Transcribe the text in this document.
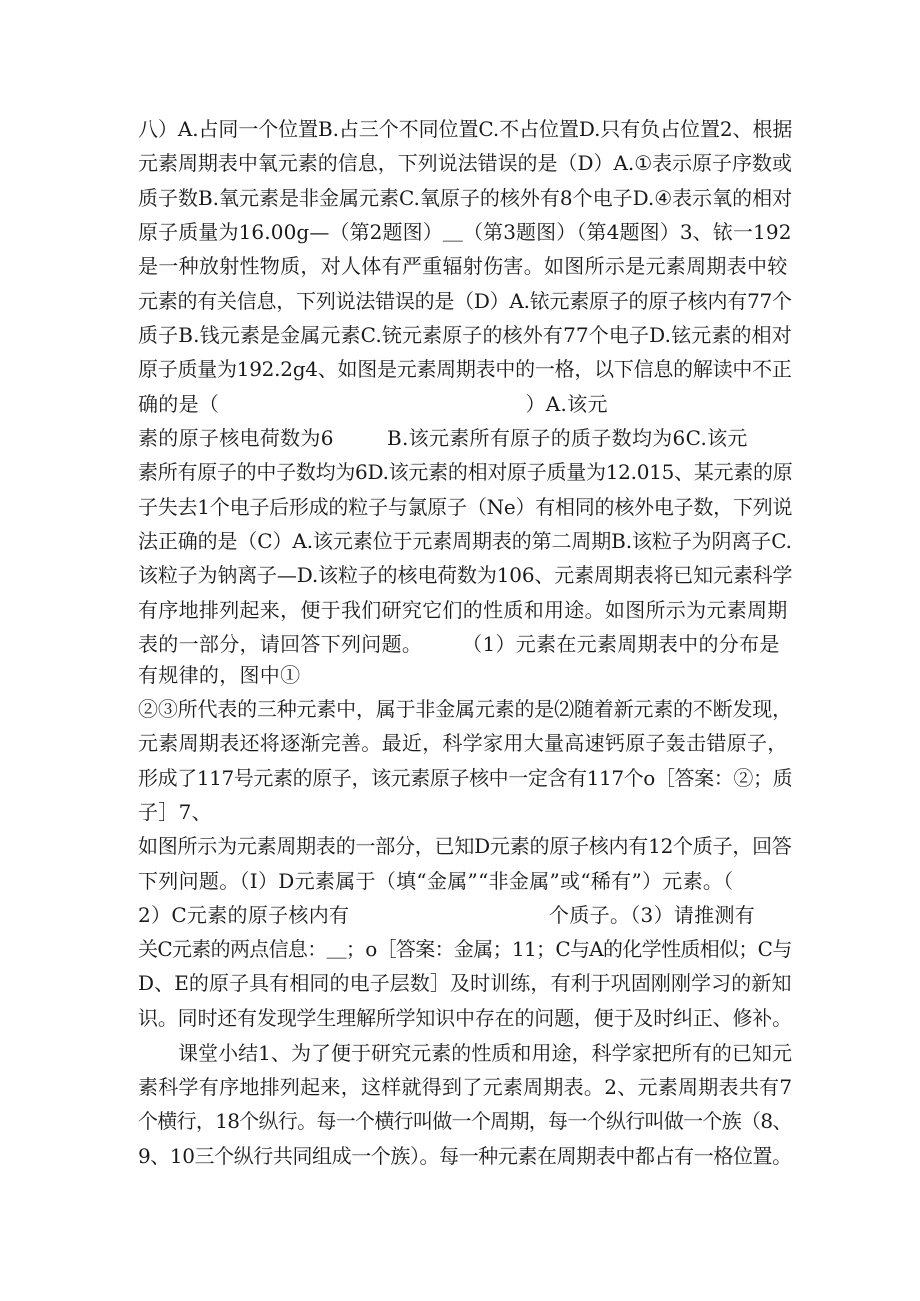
八）A.占同一个位置B.占三个不同位置C.不占位置D.只有负占位置2、根据
元素周期表中氧元素的信息，下列说法错误的是（D）A.①表示原子序数或
质子数B.氧元素是非金属元素C.氧原子的核外有8个电子D.④表示氧的相对
原子质量为16.00g—（第2题图）＿（第3题图）（第4题图）3、铱一192
是一种放射性物质，对人体有严重辐射伤害。如图所示是元素周期表中较
元素的有关信息，下列说法错误的是（D）A.铱元素原子的原子核内有77个
质子B.钱元素是金属元素C.铳元素原子的核外有77个电子D.铉元素的相对
原子质量为192.2g4、如图是元素周期表中的一格，以下信息的解读中不正
确的是（                                              ）A.该元
素的原子核电荷数为6        B.该元素所有原子的质子数均为6C.该元
素所有原子的中子数均为6D.该元素的相对原子质量为12.015、某元素的原
子失去1个电子后形成的粒子与氯原子（Ne）有相同的核外电子数，下列说
法正确的是（C）A.该元素位于元素周期表的第二周期B.该粒子为阴离子C.
该粒子为钠离子—D.该粒子的核电荷数为106、元素周期表将已知元素科学
有序地排列起来，便于我们研究它们的性质和用途。如图所示为元素周期
表的一部分，请回答下列问题。      （1）元素在元素周期表中的分布是
有规律的，图中①
②③所代表的三种元素中，属于非金属元素的是⑵随着新元素的不断发现，
元素周期表还将逐渐完善。最近，科学家用大量高速钙原子轰击错原子，
形成了117号元素的原子，该元素原子核中一定含有117个o［答案：②；质
子］7、
如图所示为元素周期表的一部分，已知D元素的原子核内有12个质子，回答
下列问题。（I）D元素属于（填“金属”“非金属”或“稀有”）元素。（
2）C元素的原子核内有                              个质子。（3）请推测有
关C元素的两点信息：＿；o［答案：金属；11；C与A的化学性质相似；C与
D、E的原子具有相同的电子层数］及时训练，有利于巩固刚刚学习的新知
识。同时还有发现学生理解所学知识中存在的问题，便于及时纠正、修补。
课堂小结1、为了便于研究元素的性质和用途，科学家把所有的已知元
素科学有序地排列起来，这样就得到了元素周期表。2、元素周期表共有7
个横行，18个纵行。每一个横行叫做一个周期，每一个纵行叫做一个族（8、
9、10三个纵行共同组成一个族）。每一种元素在周期表中都占有一格位置。
